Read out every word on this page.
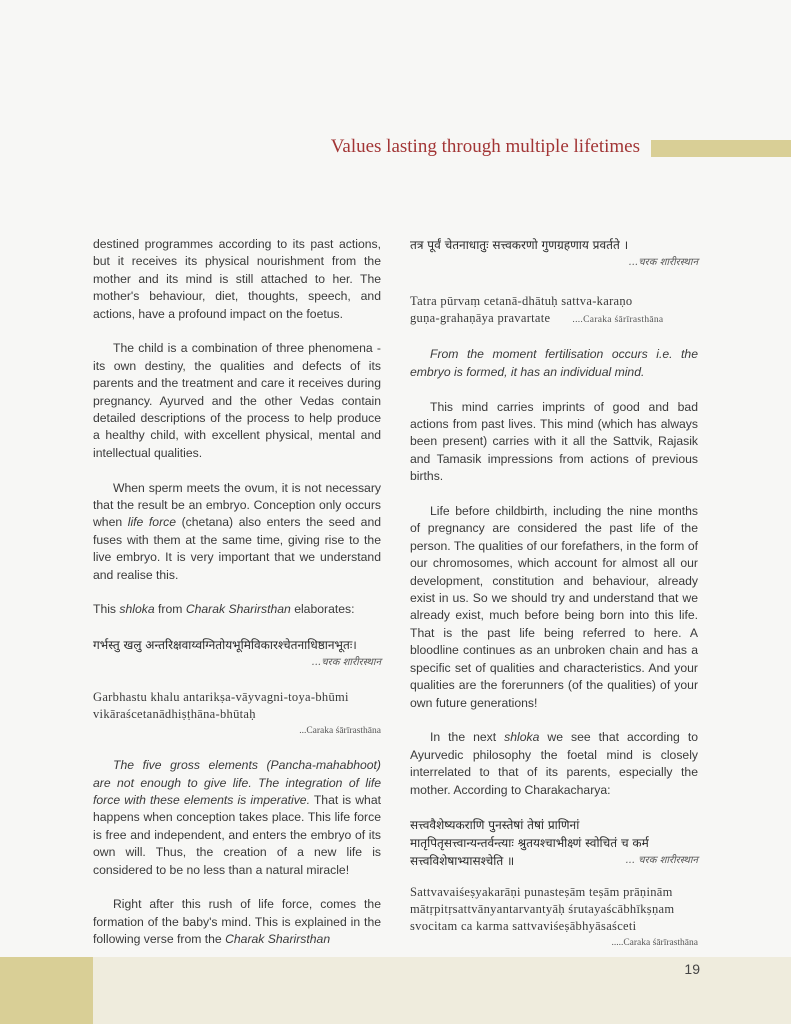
Values lasting through multiple lifetimes

destined programmes according to its past actions, but it receives its physical nourishment from the mother and its mind is still attached to her. The mother's behaviour, diet, thoughts, speech, and actions, have a profound impact on the foetus.

The child is a combination of three phenomena - its own destiny, the qualities and defects of its parents and the treatment and care it receives during pregnancy. Ayurved and the other Vedas contain detailed descriptions of the process to help produce a healthy child, with excellent physical, mental and intellectual qualities.

When sperm meets the ovum, it is not necessary that the result be an embryo. Conception only occurs when life force (chetana) also enters the seed and fuses with them at the same time, giving rise to the live embryo. It is very important that we understand and realise this.

This shloka from Charak Sharirsthan elaborates:

गर्भस्तु खलु अन्तरिक्षवाय्वग्नितोयभूमिविकारश्चेतनाधिष्ठानभूतः।
...चरक शारीरस्थान
Garbhastu khalu antarikṣa-vāyvagni-toya-bhūmi
vikāraścetanādhiṣṭhāna-bhūtaḥ
...Caraka śārīrasthāna

The five gross elements (Pancha-mahabhoot) are not enough to give life. The integration of life force with these elements is imperative. That is what happens when conception takes place. This life force is free and independent, and enters the embryo of its own will. Thus, the creation of a new life is considered to be no less than a natural miracle!

Right after this rush of life force, comes the formation of the baby's mind. This is explained in the following verse from the Charak Sharirsthan

तत्र पूर्वं चेतनाधातुः सत्त्वकरणो गुणग्रहणाय प्रवर्तते ।
...चरक शारीरस्थान
Tatra pūrvaṃ cetanā-dhātuḥ sattva-karaṇo
guṇa-grahaṇāya pravartate ....Caraka śārīrasthāna

From the moment fertilisation occurs i.e. the embryo is formed, it has an individual mind.

This mind carries imprints of good and bad actions from past lives. This mind (which has always been present) carries with it all the Sattvik, Rajasik and Tamasik impressions from actions of previous births.

Life before childbirth, including the nine months of pregnancy are considered the past life of the person. The qualities of our forefathers, in the form of our chromosomes, which account for almost all our development, constitution and behaviour, already exist in us. So we should try and understand that we already exist, much before being born into this life. That is the past life being referred to here. A bloodline continues as an unbroken chain and has a specific set of qualities and characteristics. And your qualities are the forerunners (of the qualities) of your own future generations!

In the next shloka we see that according to Ayurvedic philosophy the foetal mind is closely interrelated to that of its parents, especially the mother. According to Charakacharya:

सत्त्ववैशेष्यकराणि पुनस्तेषां तेषां प्राणिनां
मातृपितृसत्त्वान्यन्तर्वन्त्याः श्रुतयश्चाभीक्ष्णं स्वोचितं च कर्म
सत्त्वविशेषाभ्यासश्चेति ॥	... चरक शारीरस्थान
Sattvavaiśeṣyakarāṇi punasteṣām teṣām prāṇinām
mātṛpitṛsattvānyantarvantyāḥ śrutayaścābhīkṣṇam
svocitam ca karma sattvaviśeṣābhyāsaśceti
.....Caraka śārīrasthāna
19
